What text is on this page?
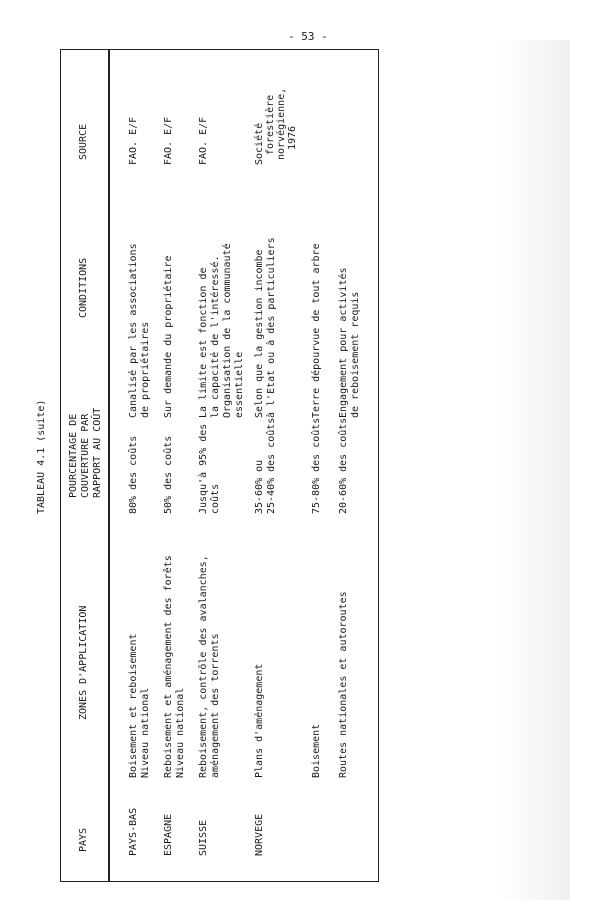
- 53 -
TABLEAU 4.1 (suite)
PAYS
ZONES D'APPLICATION
POURCENTAGE DE COUVERTURE PAR RAPPORT AU COÛT
CONDITIONS
SOURCE
PAYS-BAS
Boisement et reboisement Niveau national
80% des coûts
Canalisé par les associations de propriétaires
FAO. E/F
ESPAGNE
Reboisement et aménagement des forêts Niveau national
50% des coûts
Sur demande du propriétaire
FAO. E/F
SUISSE
Reboisement, contrôle des avalanches, aménagement des torrents
Jusqu'à 95% des coûts
La limite est fonction de la capacité de l'intéressé. Organisation de la communauté essentielle
FAO. E/F
NORVEGE
Plans d'aménagement
35-60% ou 25-40% des coûts
Selon que la gestion incombe à l'Etat ou à des particuliers
Société forestière norvégienne, 1976
Boisement
75-80% des coûts
Terre dépourvue de tout arbre
Routes nationales et autoroutes
20-60% des coûts
Engagement pour activités de reboisement requis
